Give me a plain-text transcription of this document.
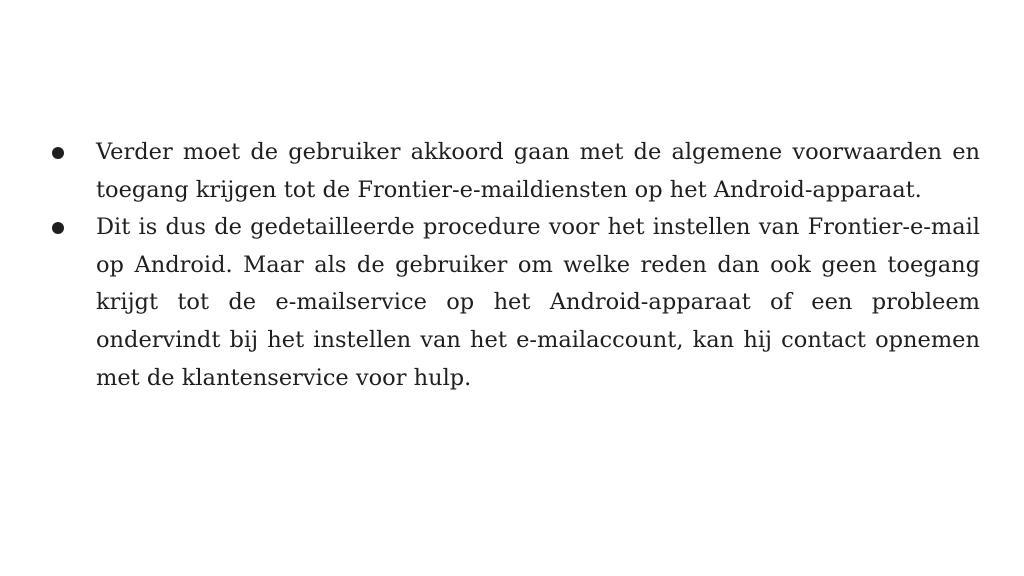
Verder moet de gebruiker akkoord gaan met de algemene voorwaarden en toegang krijgen tot de Frontier-e-maildiensten op het Android-apparaat.
Dit is dus de gedetailleerde procedure voor het instellen van Frontier-e-mail op Android. Maar als de gebruiker om welke reden dan ook geen toegang krijgt tot de e-mailservice op het Android-apparaat of een probleem ondervindt bij het instellen van het e-mailaccount, kan hij contact opnemen met de klantenservice voor hulp.
